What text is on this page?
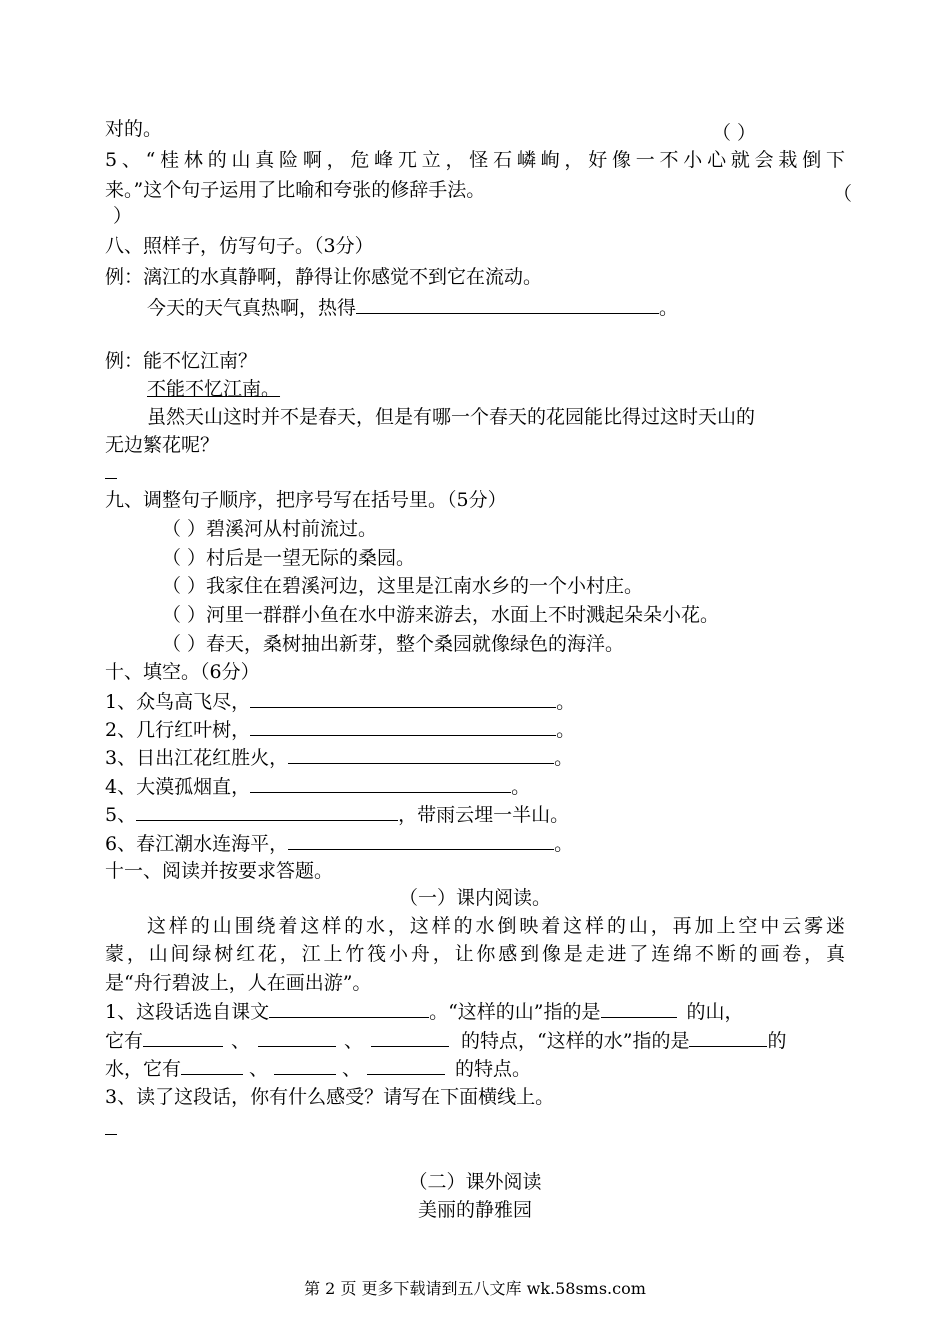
对的。	（ ）
5、“桂林的山真险啊，危峰兀立，怪石嶙峋，好像一不小心就会栽倒下
来。”这个句子运用了比喻和夸张的修辞手法。	（
）
八、照样子，仿写句子。（3分）
例：漓江的水真静啊，静得让你感觉不到它在流动。
今天的天气真热啊，热得	。
例：能不忆江南？
不能不忆江南。
虽然天山这时并不是春天，但是有哪一个春天的花园能比得过这时天山的
无边繁花呢？
九、调整句子顺序，把序号写在括号里。（5分）
（ ）碧溪河从村前流过。
（ ）村后是一望无际的桑园。
（ ）我家住在碧溪河边，这里是江南水乡的一个小村庄。
（ ）河里一群群小鱼在水中游来游去，水面上不时溅起朵朵小花。
（ ）春天，桑树抽出新芽，整个桑园就像绿色的海洋。
十、填空。（6分）
1、众鸟高飞尽，	。
2、几行红叶树，	。
3、日出江花红胜火，	。
4、大漠孤烟直，	。
5、	，带雨云埋一半山。
6、春江潮水连海平，	。
十一、阅读并按要求答题。
（一）课内阅读。
这样的山围绕着这样的水，这样的水倒映着这样的山，再加上空中云雾迷
蒙，山间绿树红花，江上竹筏小舟，让你感到像是走进了连绵不断的画卷，真
是“舟行碧波上，人在画出游”。
1、这段话选自课文	。“这样的山”指的是	的山，
它有	、	、	的特点，“这样的水”指的是	的
水，它有	、	、	的特点。
3、读了这段话，你有什么感受？请写在下面横线上。
（二）课外阅读
美丽的静雅园
第 2 页 更多下载请到五八文库 wk.58sms.com
